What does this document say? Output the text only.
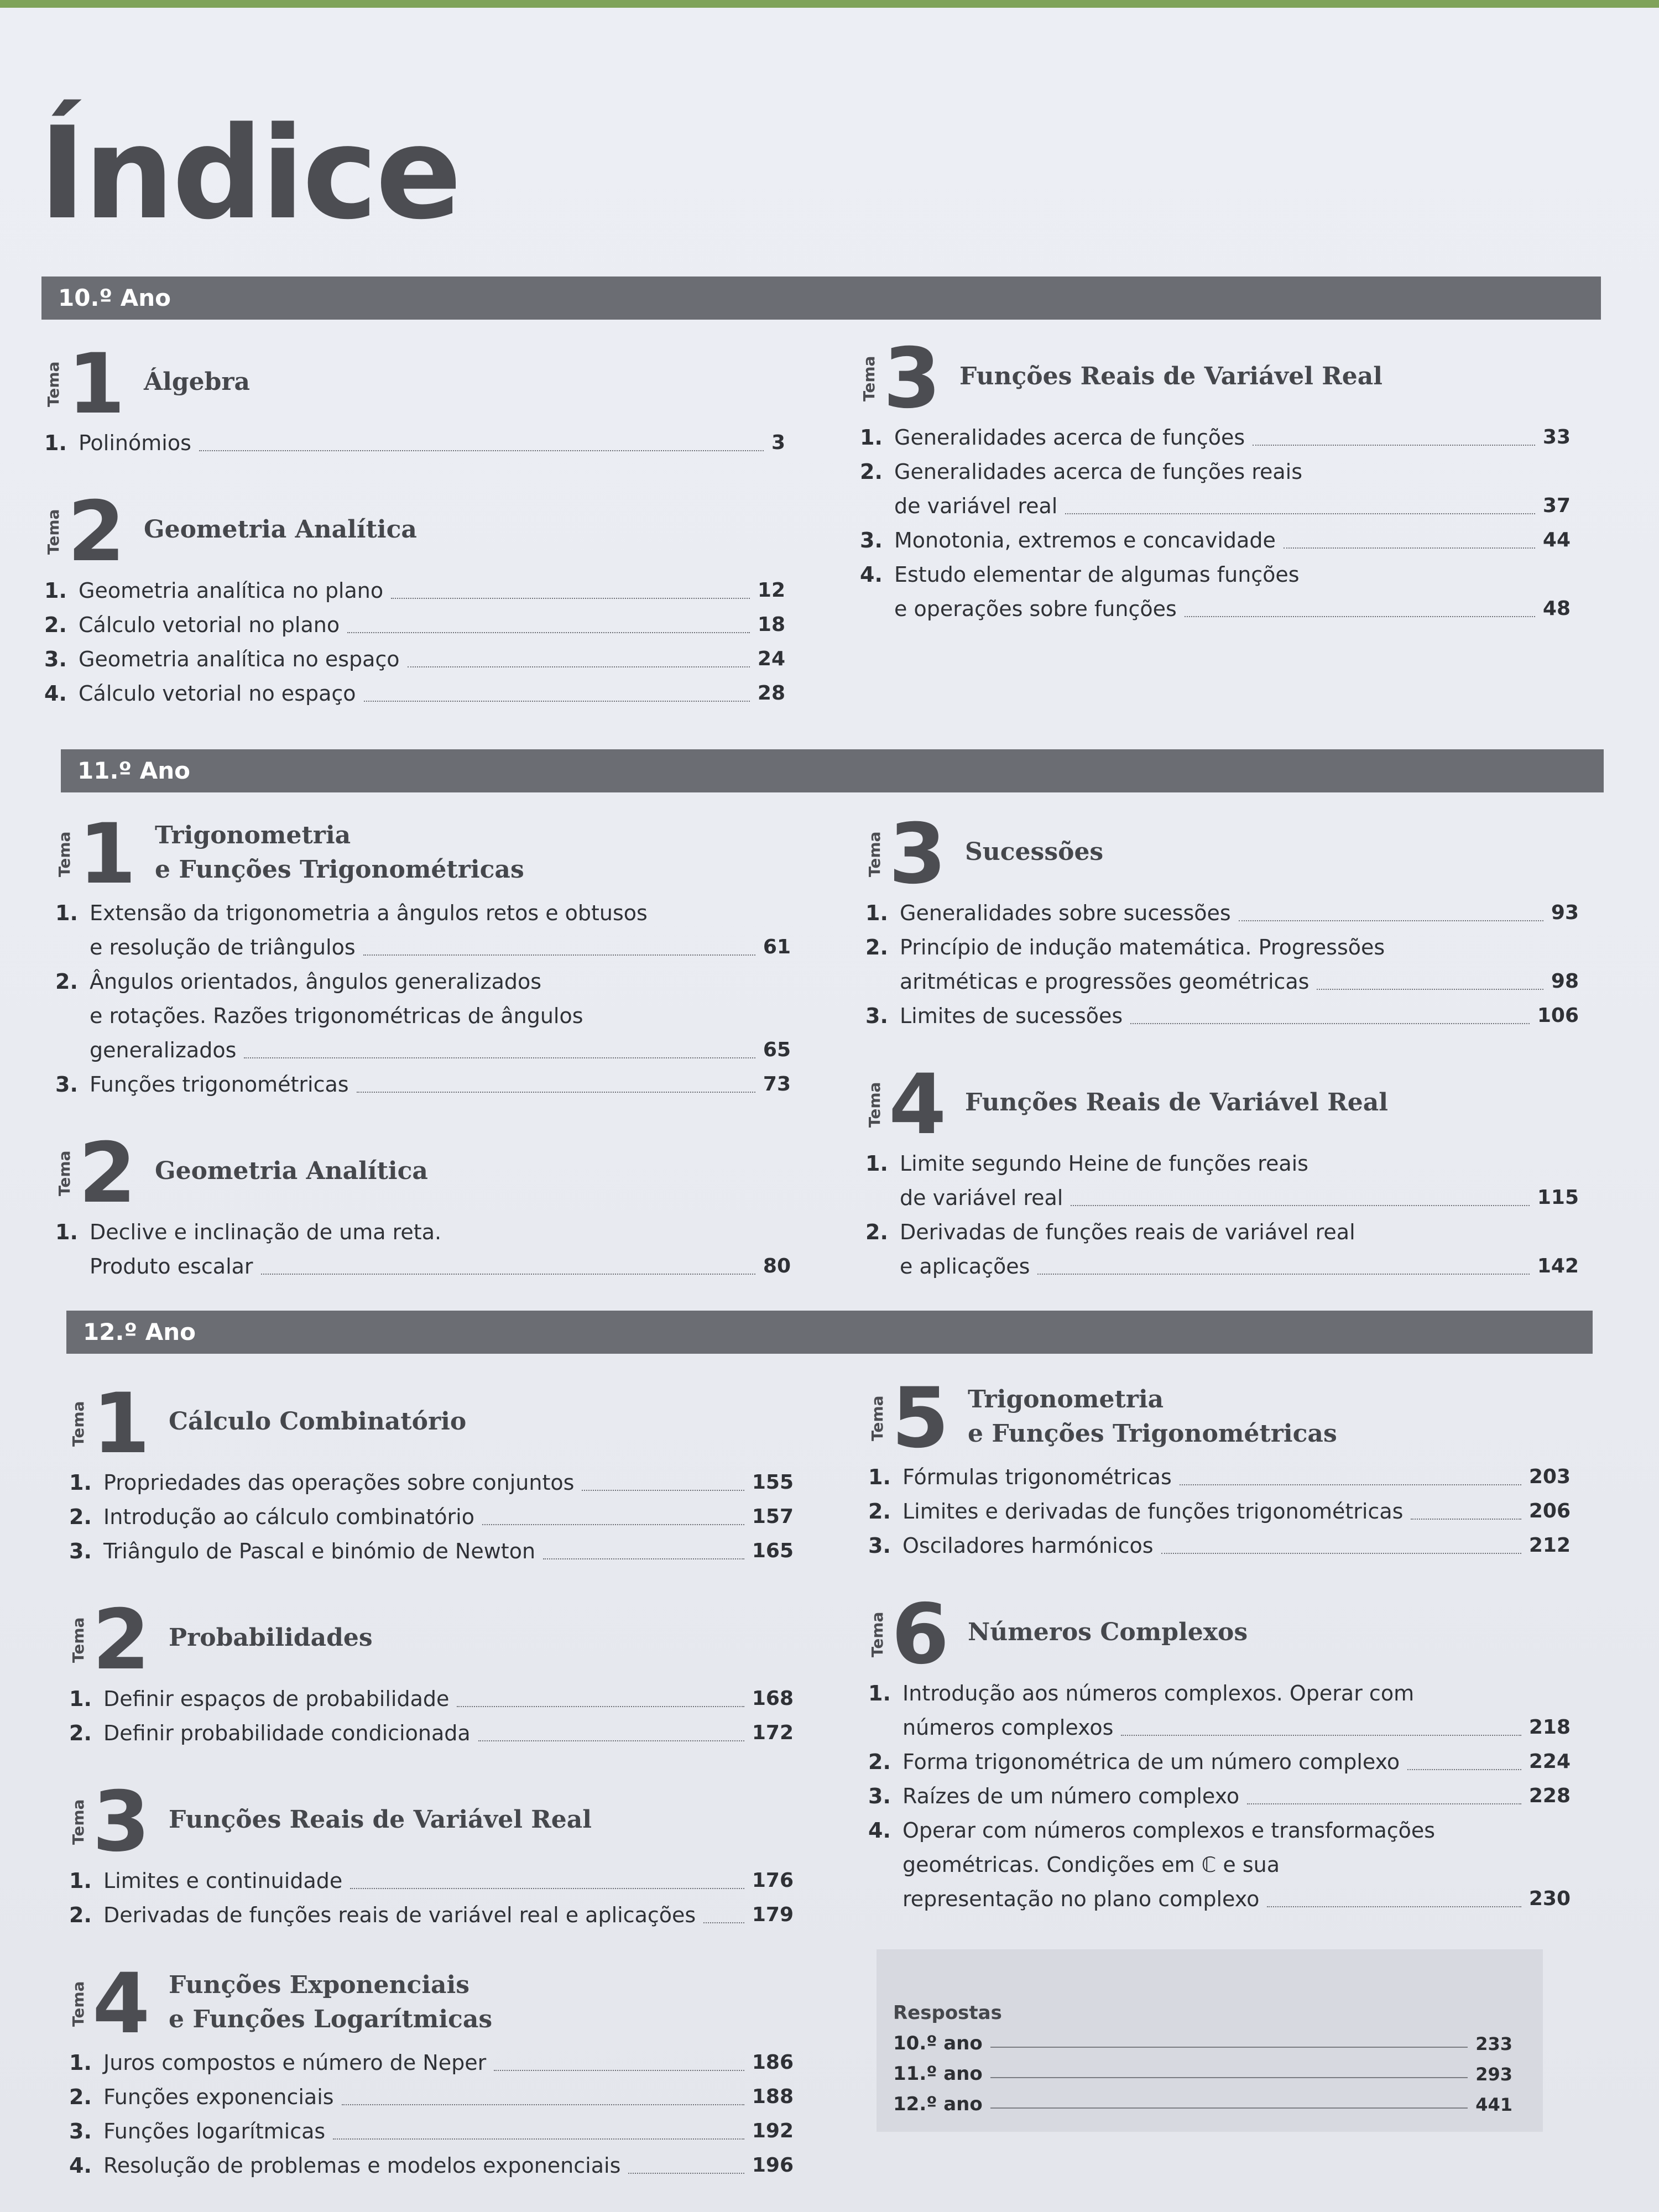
Índice
10.º Ano
11.º Ano
12.º Ano
Tema 1 Álgebra
1. Polinómios	3
Tema 2 Geometria Analítica
1. Geometria analítica no plano	12
2. Cálculo vetorial no plano	18
3. Geometria analítica no espaço	24
4. Cálculo vetorial no espaço	28
Tema 3 Funções Reais de Variável Real
1. Generalidades acerca de funções	33
2. Generalidades acerca de funções reais
de variável real	37
3. Monotonia, extremos e concavidade	44
4. Estudo elementar de algumas funções
e operações sobre funções	48
Tema 1 Trigonometria
e Funções Trigonométricas
1. Extensão da trigonometria a ângulos retos e obtusos
e resolução de triângulos	61
2. Ângulos orientados, ângulos generalizados
e rotações. Razões trigonométricas de ângulos
generalizados	65
3. Funções trigonométricas	73
Tema 2 Geometria Analítica
1. Declive e inclinação de uma reta.
Produto escalar	80
Tema 3 Sucessões
1. Generalidades sobre sucessões	93
2. Princípio de indução matemática. Progressões
aritméticas e progressões geométricas	98
3. Limites de sucessões	106
Tema 4 Funções Reais de Variável Real
1. Limite segundo Heine de funções reais
de variável real	115
2. Derivadas de funções reais de variável real
e aplicações	142
Tema 1 Cálculo Combinatório
1. Propriedades das operações sobre conjuntos	155
2. Introdução ao cálculo combinatório	157
3. Triângulo de Pascal e binómio de Newton	165
Tema 2 Probabilidades
1. Definir espaços de probabilidade	168
2. Definir probabilidade condicionada	172
Tema 3 Funções Reais de Variável Real
1. Limites e continuidade	176
2. Derivadas de funções reais de variável real e aplicações	179
Tema 4 Funções Exponenciais
e Funções Logarítmicas
1. Juros compostos e número de Neper	186
2. Funções exponenciais	188
3. Funções logarítmicas	192
4. Resolução de problemas e modelos exponenciais	196
Tema 5 Trigonometria
e Funções Trigonométricas
1. Fórmulas trigonométricas	203
2. Limites e derivadas de funções trigonométricas	206
3. Osciladores harmónicos	212
Tema 6 Números Complexos
1. Introdução aos números complexos. Operar com
números complexos	218
2. Forma trigonométrica de um número complexo	224
3. Raízes de um número complexo	228
4. Operar com números complexos e transformações
geométricas. Condições em ℂ e sua
representação no plano complexo	230
Respostas
10.º ano	233
11.º ano	293
12.º ano	441
